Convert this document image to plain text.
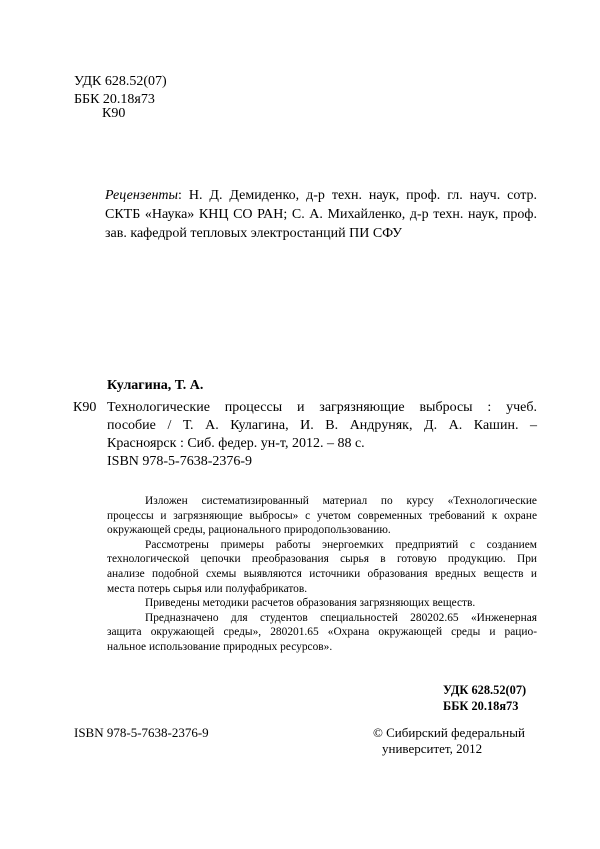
УДК 628.52(07)
ББК 20.18я73
К90
Рецензенты: Н. Д. Демиденко, д-р техн. наук, проф. гл. науч. сотр.
СКТБ «Наука» КНЦ СО РАН; С. А. Михайленко, д-р техн. наук, проф.
зав. кафедрой тепловых электростанций ПИ СФУ
Кулагина, Т. А.
К90 Технологические процессы и загрязняющие выбросы : учеб.
пособие / Т. А. Кулагина, И. В. Андруняк, Д. А. Кашин. –
Красноярск : Сиб. федер. ун-т, 2012. – 88 с.
ISBN 978-5-7638-2376-9
Изложен систематизированный материал по курсу «Технологические
процессы и загрязняющие выбросы» с учетом современных требований к охране
окружающей среды, рационального природопользованию.
Рассмотрены примеры работы энергоемких предприятий с созданием
технологической цепочки преобразования сырья в готовую продукцию. При
анализе подобной схемы выявляются источники образования вредных веществ и
места потерь сырья или полуфабрикатов.
Приведены методики расчетов образования загрязняющих веществ.
Предназначено для студентов специальностей 280202.65 «Инженерная
защита окружающей среды», 280201.65 «Охрана окружающей среды и рацио-
нальное использование природных ресурсов».
УДК 628.52(07)
ББК 20.18я73
ISBN 978-5-7638-2376-9	© Сибирский федеральный
университет, 2012
